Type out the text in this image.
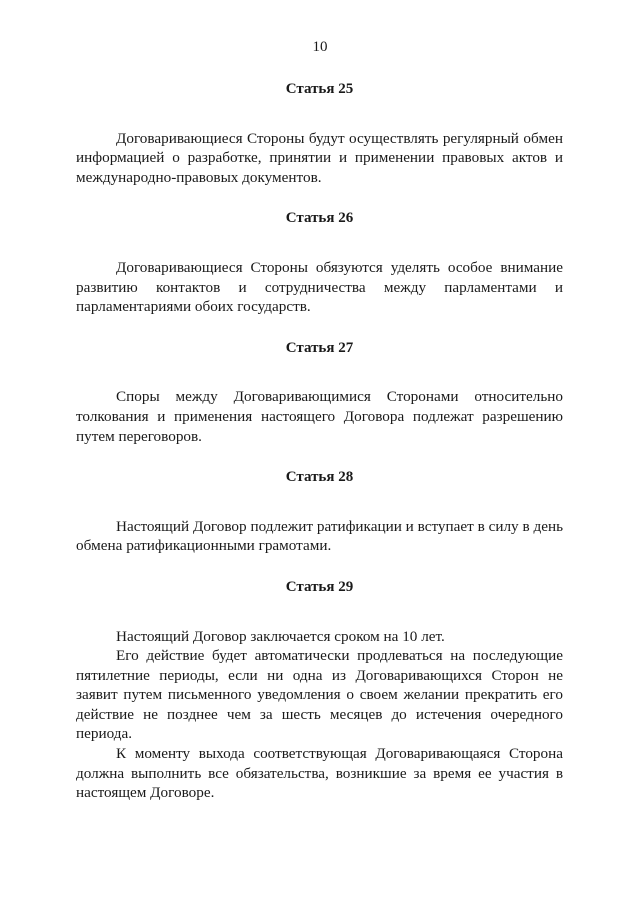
10
Статья 25

Договаривающиеся Стороны будут осуществлять регулярный обмен информацией о разработке, принятии и применении правовых актов и международно-правовых документов.

Статья 26

Договаривающиеся Стороны обязуются уделять особое внимание развитию контактов и сотрудничества между парламентами и парламентариями обоих государств.

Статья 27

Споры между Договаривающимися Сторонами относительно толкования и применения настоящего Договора подлежат разрешению путем переговоров.

Статья 28

Настоящий Договор подлежит ратификации и вступает в силу в день обмена ратификационными грамотами.

Статья 29

Настоящий Договор заключается сроком на 10 лет.

Его действие будет автоматически продлеваться на последующие пятилетние периоды, если ни одна из Договаривающихся Сторон не заявит путем письменного уведомления о своем желании прекратить его действие не позднее чем за шесть месяцев до истечения очередного периода.

К моменту выхода соответствующая Договаривающаяся Сторона должна выполнить все обязательства, возникшие за время ее участия в настоящем Договоре.
